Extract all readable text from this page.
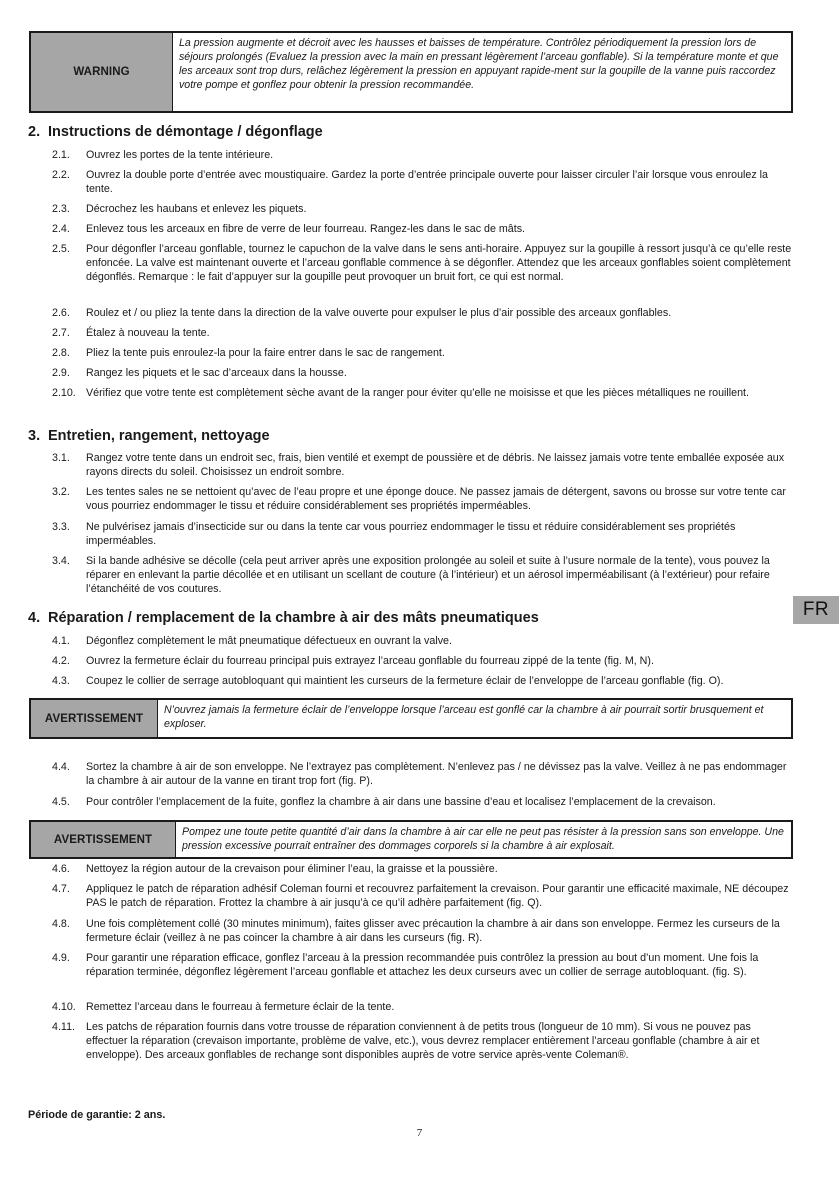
WARNING
La pression augmente et décroit avec les hausses et baisses de température. Contrôlez périodiquement la pression lors de séjours prolongés (Evaluez la pression avec la main en pressant légèrement l’arceau gonflable). Si la température monte et que les arceaux sont trop durs, relâchez légèrement la pression en appuyant rapide-ment sur la goupille de la vanne puis raccordez votre pompe et gonflez pour obtenir la pression recommandée.
2. Instructions de démontage / dégonflage
2.1. Ouvrez les portes de la tente intérieure.
2.2. Ouvrez la double porte d’entrée avec moustiquaire. Gardez la porte d’entrée principale ouverte pour laisser circuler l’air lorsque vous enroulez la tente.
2.3. Décrochez les haubans et enlevez les piquets.
2.4. Enlevez tous les arceaux en fibre de verre de leur fourreau. Rangez-les dans le sac de mâts.
2.5. Pour dégonfler l’arceau gonflable, tournez le capuchon de la valve dans le sens anti-horaire. Appuyez sur la goupille à ressort jusqu’à ce qu’elle reste enfoncée. La valve est maintenant ouverte et l’arceau gonflable commence à se dégonfler. Attendez que les arceaux gonflables soient complètement dégonflés. Remarque : le fait d’appuyer sur la goupille peut provoquer un bruit fort, ce qui est normal.
2.6. Roulez et / ou pliez la tente dans la direction de la valve ouverte pour expulser le plus d’air possible des arceaux gonflables.
2.7. Étalez à nouveau la tente.
2.8. Pliez la tente puis enroulez-la pour la faire entrer dans le sac de rangement.
2.9. Rangez les piquets et le sac d’arceaux dans la housse.
2.10. Vérifiez que votre tente est complètement sèche avant de la ranger pour éviter qu’elle ne moisisse et que les pièces métalliques ne rouillent.
3. Entretien, rangement, nettoyage
3.1. Rangez votre tente dans un endroit sec, frais, bien ventilé et exempt de poussière et de débris. Ne laissez jamais votre tente emballée exposée aux rayons directs du soleil. Choisissez un endroit sombre.
3.2. Les tentes sales ne se nettoient qu’avec de l’eau propre et une éponge douce. Ne passez jamais de détergent, savons ou brosse sur votre tente car vous pourriez endommager le tissu et réduire considérablement ses propriétés imperméables.
3.3. Ne pulvérisez jamais d’insecticide sur ou dans la tente car vous pourriez endommager le tissu et réduire considérablement ses propriétés imperméables.
3.4. Si la bande adhésive se décolle (cela peut arriver après une exposition prolongée au soleil et suite à l’usure normale de la tente), vous pouvez la réparer en enlevant la partie décollée et en utilisant un scellant de couture (à l’intérieur) et un aérosol imperméabilisant (à l’extérieur) pour refaire l’étanchéité de vos coutures.
FR
4. Réparation / remplacement de la chambre à air des mâts pneumatiques
4.1. Dégonflez complètement le mât pneumatique défectueux en ouvrant la valve.
4.2. Ouvrez la fermeture éclair du fourreau principal puis extrayez l’arceau gonflable du fourreau zippé de la tente (fig. M, N).
4.3. Coupez le collier de serrage autobloquant qui maintient les curseurs de la fermeture éclair de l’enveloppe de l’arceau gonflable (fig. O).
AVERTISSEMENT
N’ouvrez jamais la fermeture éclair de l’enveloppe lorsque l’arceau est gonflé car la chambre à air pourrait sortir brusquement et exploser.
4.4. Sortez la chambre à air de son enveloppe. Ne l’extrayez pas complètement. N’enlevez pas / ne dévissez pas la valve. Veillez à ne pas endommager la chambre à air autour de la vanne en tirant trop fort (fig. P).
4.5. Pour contrôler l’emplacement de la fuite, gonflez la chambre à air dans une bassine d’eau et localisez l’emplacement de la crevaison.
AVERTISSEMENT
Pompez une toute petite quantité d’air dans la chambre à air car elle ne peut pas résister à la pression sans son enveloppe. Une pression excessive pourrait entraîner des dommages corporels si la chambre à air explosait.
4.6. Nettoyez la région autour de la crevaison pour éliminer l’eau, la graisse et la poussière.
4.7. Appliquez le patch de réparation adhésif Coleman fourni et recouvrez parfaitement la crevaison. Pour garantir une efficacité maximale, NE découpez PAS le patch de réparation. Frottez la chambre à air jusqu’à ce qu’il adhère parfaitement (fig. Q).
4.8. Une fois complètement collé (30 minutes minimum), faites glisser avec précaution la chambre à air dans son enveloppe. Fermez les curseurs de la fermeture éclair (veillez à ne pas coincer la chambre à air dans les curseurs (fig. R).
4.9. Pour garantir une réparation efficace, gonflez l’arceau à la pression recommandée puis contrôlez la pression au bout d’un moment. Une fois la réparation terminée, dégonflez légèrement l’arceau gonflable et attachez les deux curseurs avec un collier de serrage autobloquant. (fig. S).
4.10. Remettez l’arceau dans le fourreau à fermeture éclair de la tente.
4.11. Les patchs de réparation fournis dans votre trousse de réparation conviennent à de petits trous (longueur de 10 mm). Si vous ne pouvez pas effectuer la réparation (crevaison importante, problème de valve, etc.), vous devrez remplacer entièrement l’arceau gonflable (chambre à air et enveloppe). Des arceaux gonflables de rechange sont disponibles auprès de votre service après-vente Coleman®.
Période de garantie: 2 ans.
7
